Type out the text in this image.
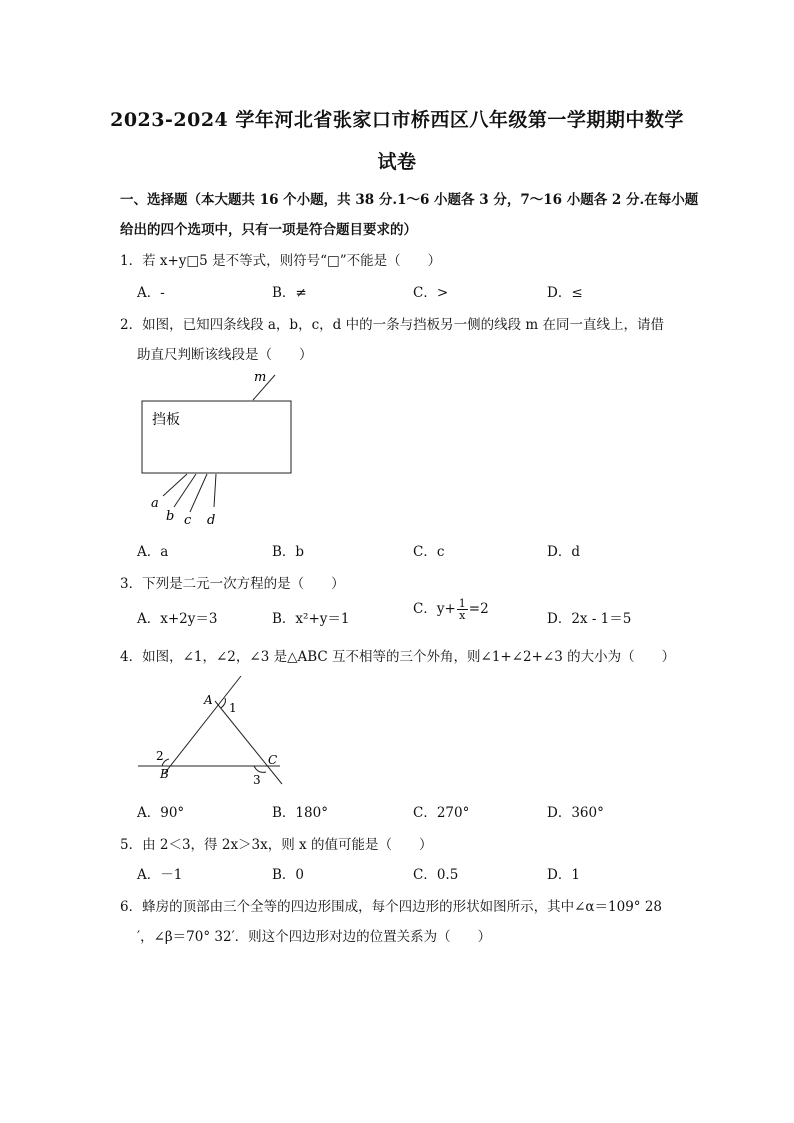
2023-2024 学年河北省张家口市桥西区八年级第一学期期中数学
试卷
一、选择题（本大题共 16 个小题，共 38 分.1～6 小题各 3 分，7～16 小题各 2 分.在每小题
给出的四个选项中，只有一项是符合题目要求的）
1．若 x+y□5 是不等式，则符号“□”不能是（　　）
A．-	B．≠	C．>	D．≤
2．如图，已知四条线段 a，b，c，d 中的一条与挡板另一侧的线段 m 在同一直线上，请借
助直尺判断该线段是（　　）
m
挡板
a
b c d
A．a	B．b	C．c	D．d
3．下列是二元一次方程的是（　　）
A．x+2y＝3	B．x²+y＝1
C．$y+ \frac{1}{x} =2$
D．2x - 1＝5
4．如图，∠1，∠2，∠3 是△ABC 互不相等的三个外角，则∠1+∠2+∠3 的大小为（　　）
A
B
C
1
2
3
A．90°	B．180°	C．270°	D．360°
5．由 2＜3，得 2x＞3x，则 x 的值可能是（　　）
A．－1	B．0	C．0.5	D．1
6．蜂房的顶部由三个全等的四边形围成，每个四边形的形状如图所示，其中∠α＝109° 28
′，∠β＝70° 32′．则这个四边形对边的位置关系为（　　）
